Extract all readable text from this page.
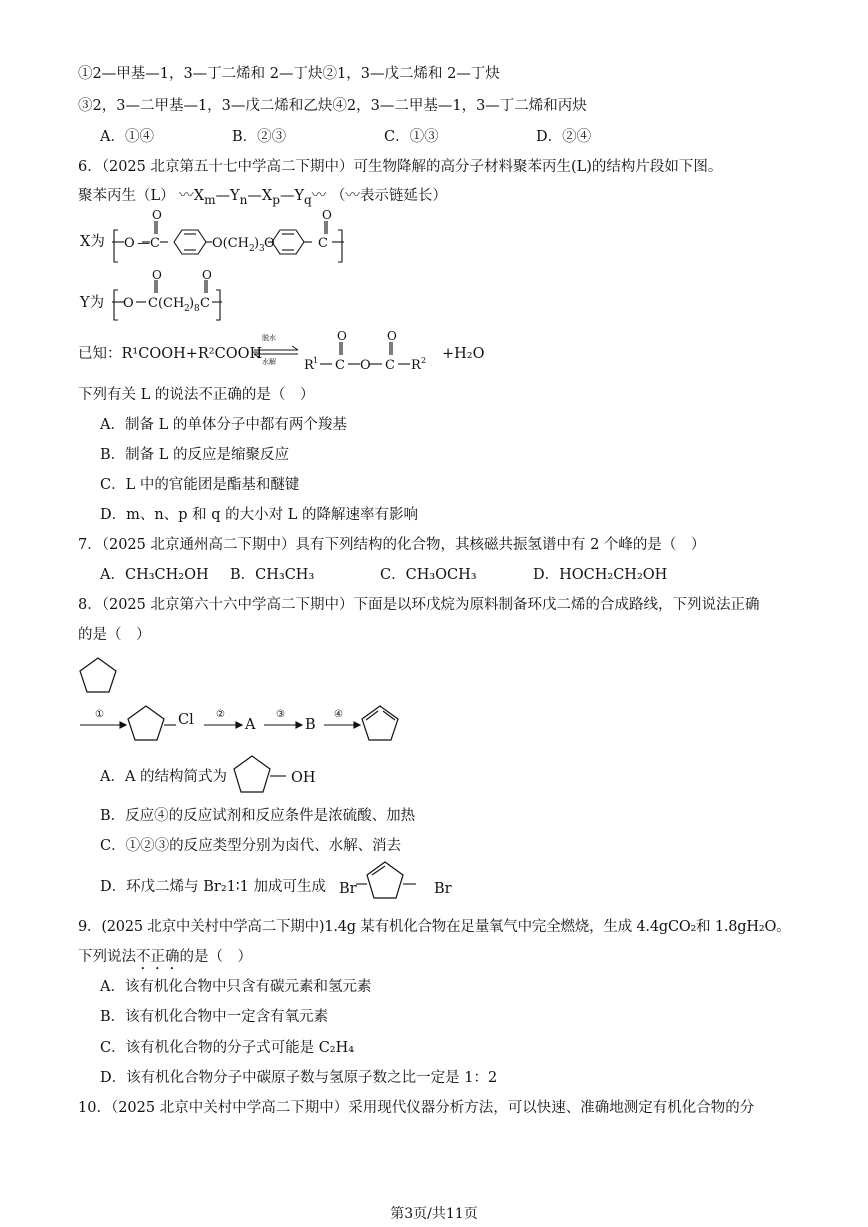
①2—甲基—1，3—丁二烯和 2—丁炔②1，3—戊二烯和 2—丁炔
③2，3—二甲基—1，3—戊二烯和乙炔④2，3—二甲基—1，3—丁二烯和丙炔
A．①④	B．②③	C．①③	D．②④
6．（2025 北京第五十七中学高二下期中）可生物降解的高分子材料聚苯丙生(L)的结构片段如下图。
聚苯丙生（L） 〰$X_m—Y_n—X_p—Y_q$〰 （〰表示链延长）
X为 O — C
O
O(CH 2 ) 3 O	C
O
Y为 O C(CH 2 ) 8 C
O	O
已知：R¹COOH+R²COOH
脱水
水解 R 1 C
O
O C
O
R 2 +H₂O
下列有关 L 的说法不正确的是（　）
A．制备 L 的单体分子中都有两个羧基
B．制备 L 的反应是缩聚反应
C．L 中的官能团是酯基和醚键
D．m、n、p 和 q 的大小对 L 的降解速率有影响
7．（2025 北京通州高二下期中）具有下列结构的化合物，其核磁共振氢谱中有 2 个峰的是（　）
A．CH₃CH₂OH B．CH₃CH₃	C．CH₃OCH₃	D．HOCH₂CH₂OH
8．（2025 北京第六十六中学高二下期中）下面是以环戊烷为原料制备环戊二烯的合成路线，下列说法正确
的是（　）
①	Cl ②
A
③
B
④
A．A 的结构简式为	OH
B．反应④的反应试剂和反应条件是浓硫酸、加热
C．①②③的反应类型分别为卤代、水解、消去
D．环戊二烯与 Br₂1∶1 加成可生成 Br	Br
9．(2025 北京中关村中学高二下期中)1.4g 某有机化合物在足量氧气中完全燃烧，生成 4.4gCO₂和 1.8gH₂O。
下列说法不正确的是（　）
A．该有机化合物中只含有碳元素和氢元素
B．该有机化合物中一定含有氧元素
C．该有机化合物的分子式可能是 C₂H₄
D．该有机化合物分子中碳原子数与氢原子数之比一定是 1：2
10．（2025 北京中关村中学高二下期中）采用现代仪器分析方法，可以快速、准确地测定有机化合物的分
第3页/共11页
